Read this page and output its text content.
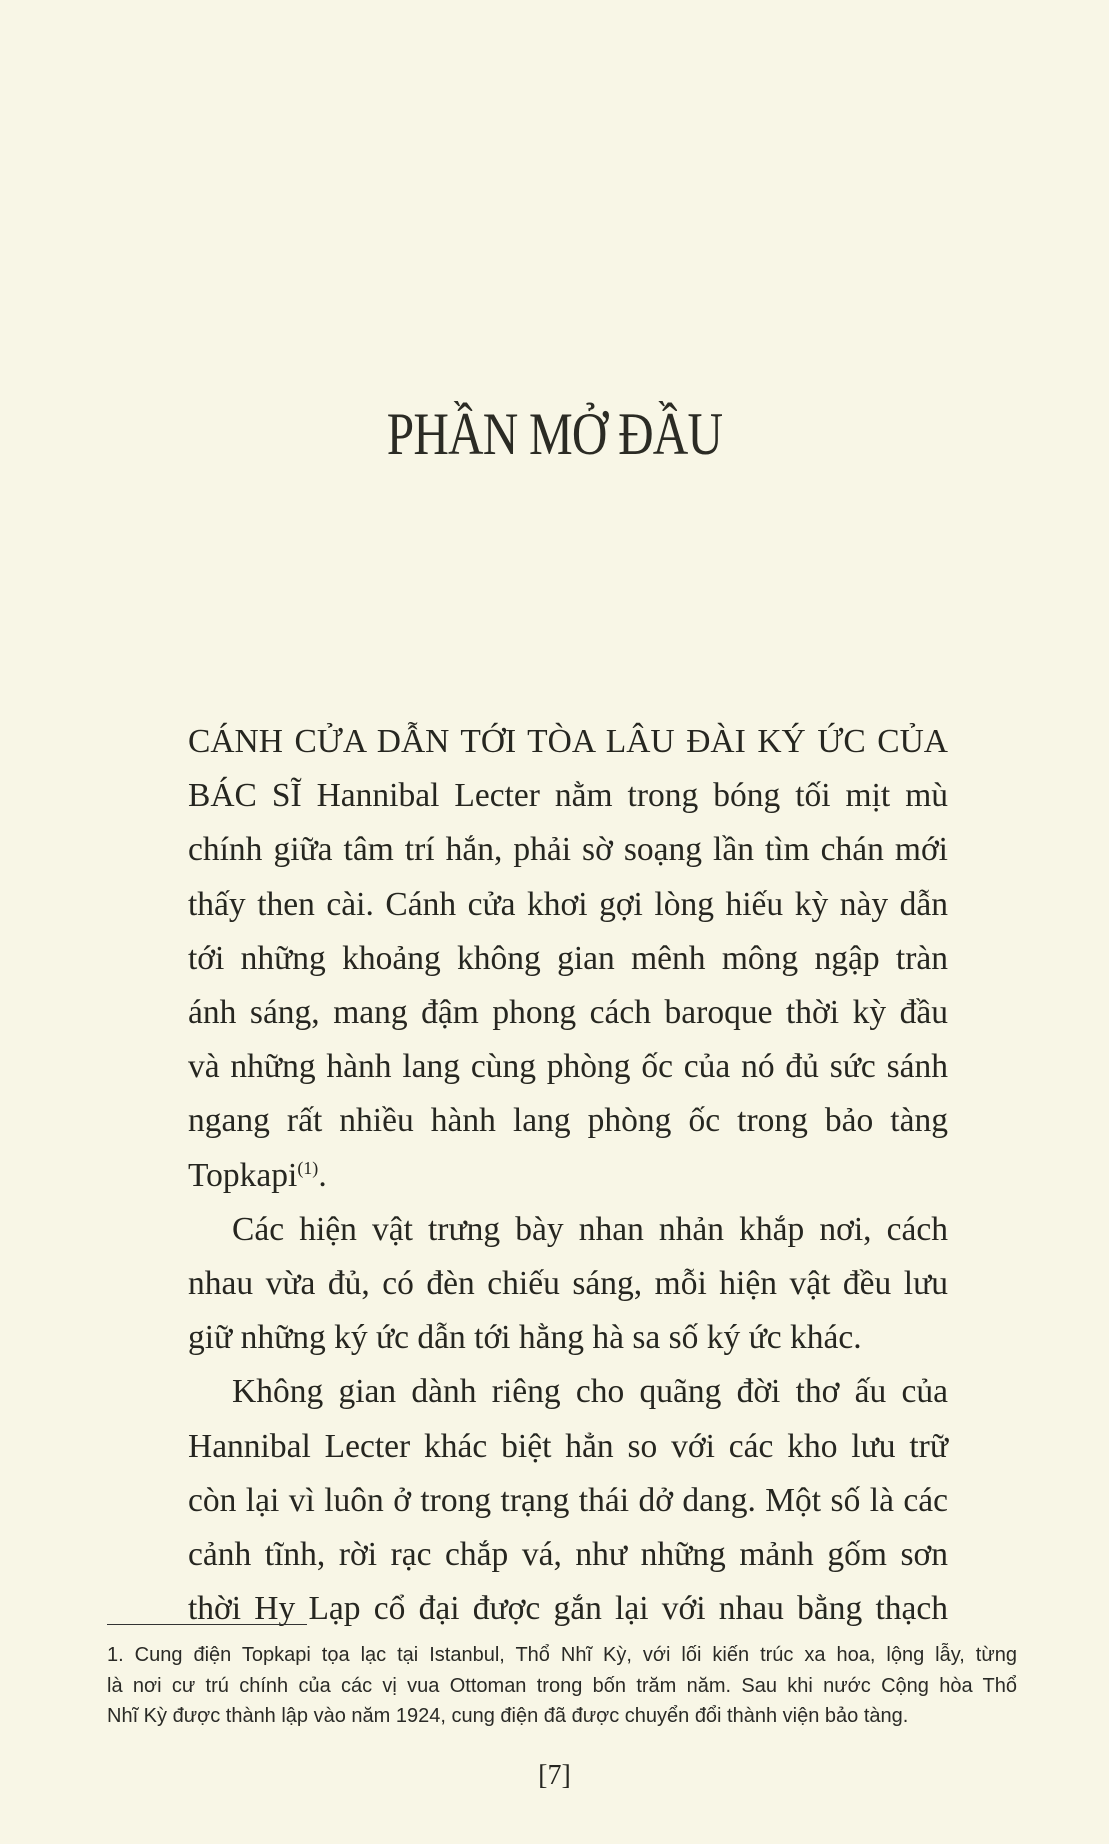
PHẦN MỞ ĐẦU
CÁNH CỬA DẪN TỚI TÒA LÂU ĐÀI KÝ ỨC CỦA
BÁC SĨ Hannibal Lecter nằm trong bóng tối mịt mù
chính giữa tâm trí hắn, phải sờ soạng lần tìm chán mới
thấy then cài. Cánh cửa khơi gợi lòng hiếu kỳ này dẫn
tới những khoảng không gian mênh mông ngập tràn
ánh sáng, mang đậm phong cách baroque thời kỳ đầu
và những hành lang cùng phòng ốc của nó đủ sức sánh
ngang rất nhiều hành lang phòng ốc trong bảo tàng
Topkapi$^{(1)}$.
Các hiện vật trưng bày nhan nhản khắp nơi, cách
nhau vừa đủ, có đèn chiếu sáng, mỗi hiện vật đều lưu
giữ những ký ức dẫn tới hằng hà sa số ký ức khác.
Không gian dành riêng cho quãng đời thơ ấu của
Hannibal Lecter khác biệt hẳn so với các kho lưu trữ
còn lại vì luôn ở trong trạng thái dở dang. Một số là các
cảnh tĩnh, rời rạc chắp vá, như những mảnh gốm sơn
thời Hy Lạp cổ đại được gắn lại với nhau bằng thạch
1. Cung điện Topkapi tọa lạc tại Istanbul, Thổ Nhĩ Kỳ, với lối kiến trúc xa hoa, lộng lẫy, từng
là nơi cư trú chính của các vị vua Ottoman trong bốn trăm năm. Sau khi nước Cộng hòa Thổ
Nhĩ Kỳ được thành lập vào năm 1924, cung điện đã được chuyển đổi thành viện bảo tàng.
[7]
